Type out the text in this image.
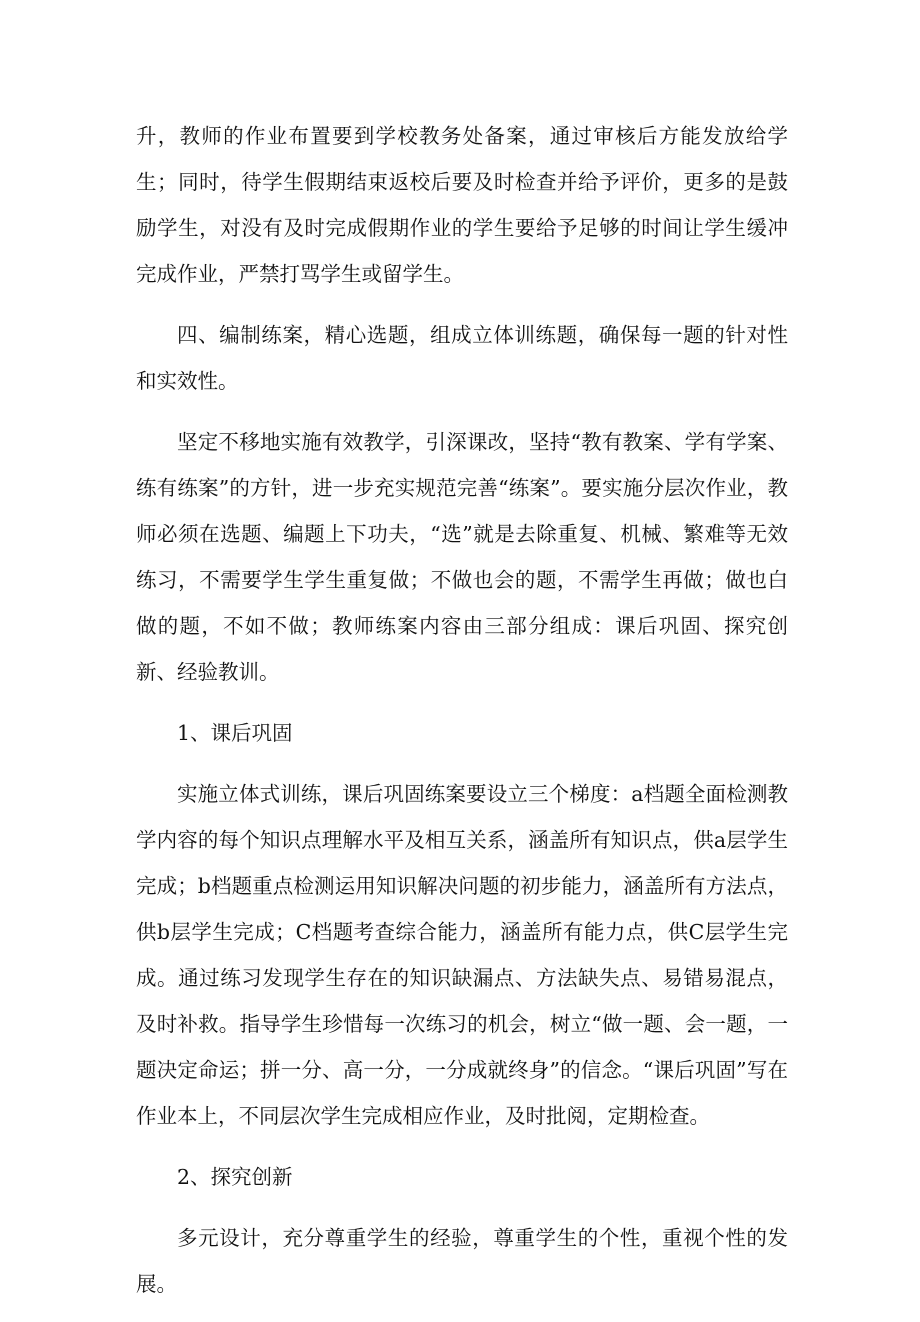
升，教师的作业布置要到学校教务处备案，通过审核后方能发放给学生；同时，待学生假期结束返校后要及时检查并给予评价，更多的是鼓励学生，对没有及时完成假期作业的学生要给予足够的时间让学生缓冲完成作业，严禁打骂学生或留学生。

四、编制练案，精心选题，组成立体训练题，确保每一题的针对性和实效性。

坚定不移地实施有效教学，引深课改，坚持“教有教案、学有学案、练有练案”的方针，进一步充实规范完善“练案”。要实施分层次作业，教师必须在选题、编题上下功夫，“选”就是去除重复、机械、繁难等无效练习，不需要学生学生重复做；不做也会的题，不需学生再做；做也白做的题，不如不做；教师练案内容由三部分组成：课后巩固、探究创新、经验教训。

1、课后巩固

实施立体式训练，课后巩固练案要设立三个梯度：a档题全面检测教学内容的每个知识点理解水平及相互关系，涵盖所有知识点，供a层学生完成；b档题重点检测运用知识解决问题的初步能力，涵盖所有方法点，供b层学生完成；C档题考查综合能力，涵盖所有能力点，供C层学生完成。通过练习发现学生存在的知识缺漏点、方法缺失点、易错易混点，及时补救。指导学生珍惜每一次练习的机会，树立“做一题、会一题，一题决定命运；拼一分、高一分，一分成就终身”的信念。“课后巩固”写在作业本上，不同层次学生完成相应作业，及时批阅，定期检查。

2、探究创新

多元设计，充分尊重学生的经验，尊重学生的个性，重视个性的发展。
